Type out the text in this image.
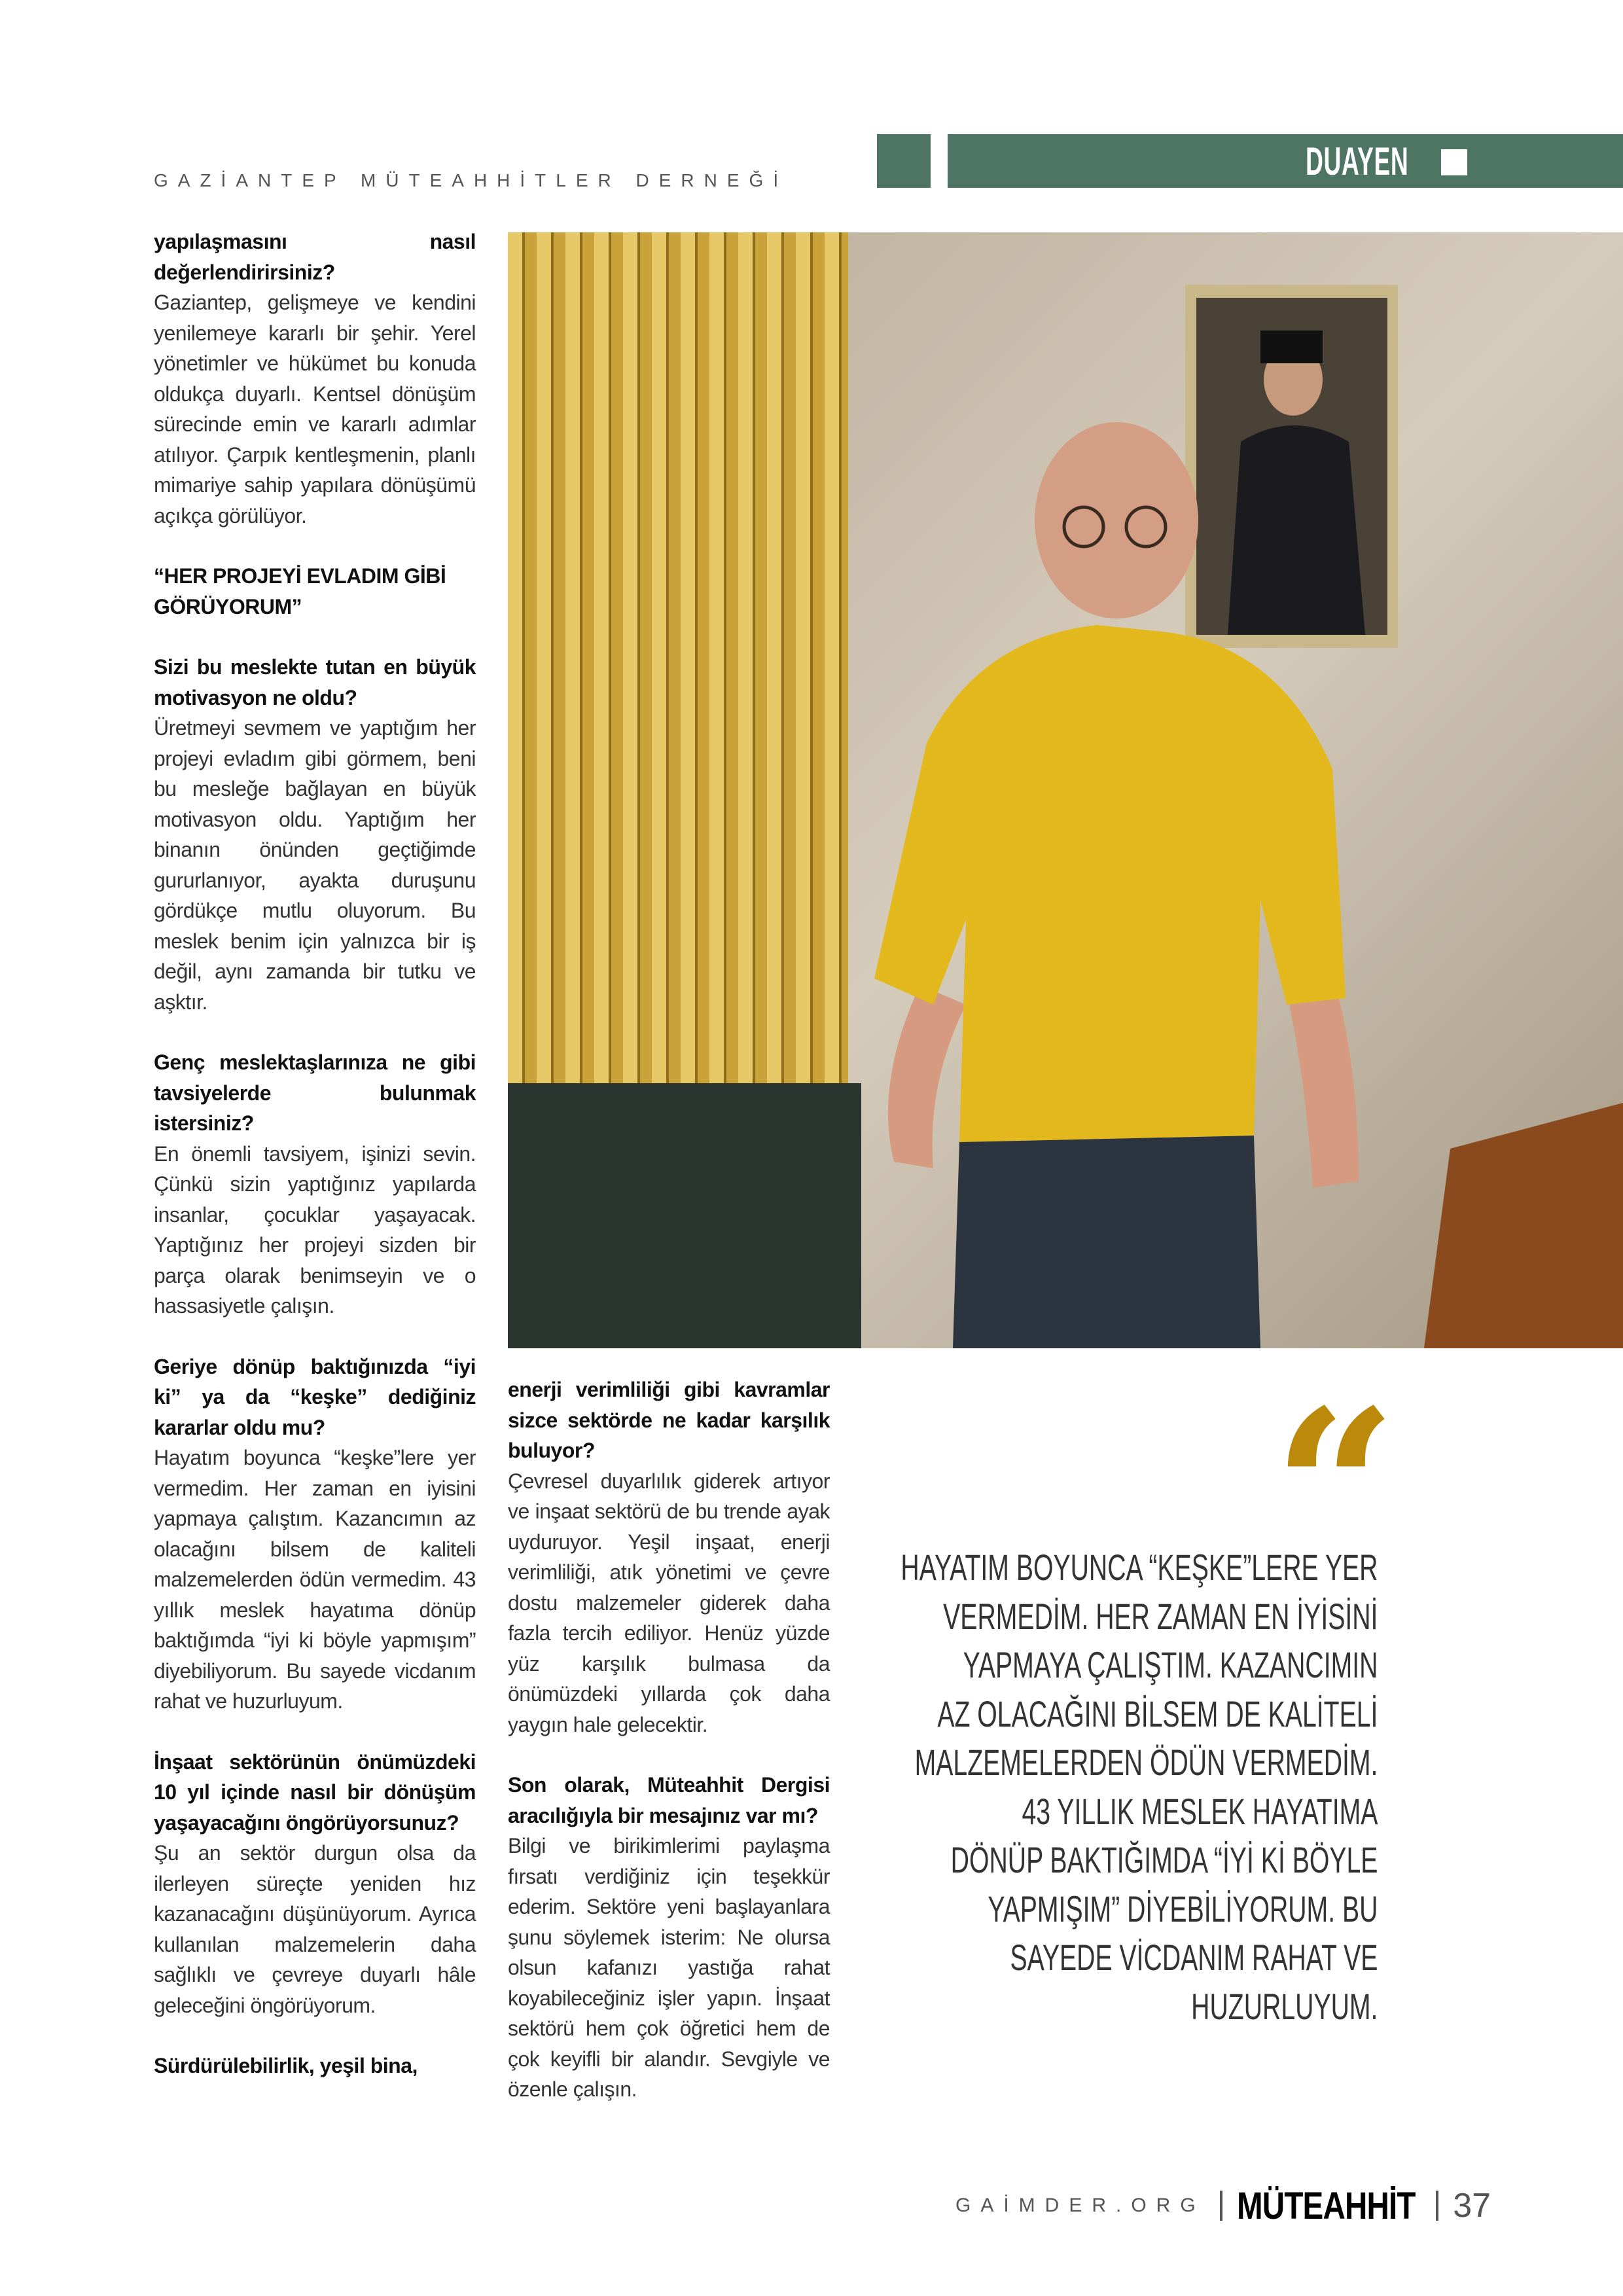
GAZİANTEP MÜTEAHHİTLER DERNEĞİ	DUAYEN
yapılaşmasını nasıl değerlendirirsiniz?
Gaziantep, gelişmeye ve kendini yenilemeye kararlı bir şehir. Yerel yönetimler ve hükümet bu konuda oldukça duyarlı. Kentsel dönüşüm sürecinde emin ve kararlı adımlar atılıyor. Çarpık kentleşmenin, planlı mimariye sahip yapılara dönüşümü açıkça görülüyor.
“HER PROJEYİ EVLADIM GİBİ GÖRÜYORUM”
Sizi bu meslekte tutan en büyük motivasyon ne oldu?
Üretmeyi sevmem ve yaptığım her projeyi evladım gibi görmem, beni bu mesleğe bağlayan en büyük motivasyon oldu. Yaptığım her binanın önünden geçtiğimde gururlanıyor, ayakta duruşunu gördükçe mutlu oluyorum. Bu meslek benim için yalnızca bir iş değil, aynı zamanda bir tutku ve aşktır.
Genç meslektaşlarınıza ne gibi tavsiyelerde bulunmak istersiniz?
En önemli tavsiyem, işinizi sevin. Çünkü sizin yaptığınız yapılarda insanlar, çocuklar yaşayacak. Yaptığınız her projeyi sizden bir parça olarak benimseyin ve o hassasiyetle çalışın.
Geriye dönüp baktığınızda “iyi ki” ya da “keşke” dediğiniz kararlar oldu mu?
Hayatım boyunca “keşke”lere yer vermedim. Her zaman en iyisini yapmaya çalıştım. Kazancımın az olacağını bilsem de kaliteli malzemelerden ödün vermedim. 43 yıllık meslek hayatıma dönüp baktığımda “iyi ki böyle yapmışım” diyebiliyorum. Bu sayede vicdanım rahat ve huzurluyum.
İnşaat sektörünün önümüzdeki 10 yıl içinde nasıl bir dönüşüm yaşayacağını öngörüyorsunuz?
Şu an sektör durgun olsa da ilerleyen süreçte yeniden hız kazanacağını düşünüyorum. Ayrıca kullanılan malzemelerin daha sağlıklı ve çevreye duyarlı hâle geleceğini öngörüyorum.
Sürdürülebilirlik, yeşil bina,
enerji verimliliği gibi kavramlar sizce sektörde ne kadar karşılık buluyor?
Çevresel duyarlılık giderek artıyor ve inşaat sektörü de bu trende ayak uyduruyor. Yeşil inşaat, enerji verimliliği, atık yönetimi ve çevre dostu malzemeler giderek daha fazla tercih ediliyor. Henüz yüzde yüz karşılık bulmasa da önümüzdeki yıllarda çok daha yaygın hale gelecektir.
Son olarak, Müteahhit Dergisi aracılığıyla bir mesajınız var mı?
Bilgi ve birikimlerimi paylaşma fırsatı verdiğiniz için teşekkür ederim. Sektöre yeni başlayanlara şunu söylemek isterim: Ne olursa olsun kafanızı yastığa rahat koyabileceğiniz işler yapın. İnşaat sektörü hem çok öğretici hem de çok keyifli bir alandır. Sevgiyle ve özenle çalışın.
“
HAYATIM BOYUNCA “KEŞKE”LERE YER
VERMEDİM. HER ZAMAN EN İYİSİNİ
YAPMAYA ÇALIŞTIM. KAZANCIMIN
AZ OLACAĞINI BİLSEM DE KALİTELİ
MALZEMELERDEN ÖDÜN VERMEDİM.
43 YILLIK MESLEK HAYATIMA
DÖNÜP BAKTIĞIMDA “İYİ Kİ BÖYLE
YAPMIŞIM” DİYEBİLİYORUM. BU
SAYEDE VİCDANIM RAHAT VE
HUZURLUYUM.
GAİMDER.ORG MÜTEAHHİT 37
